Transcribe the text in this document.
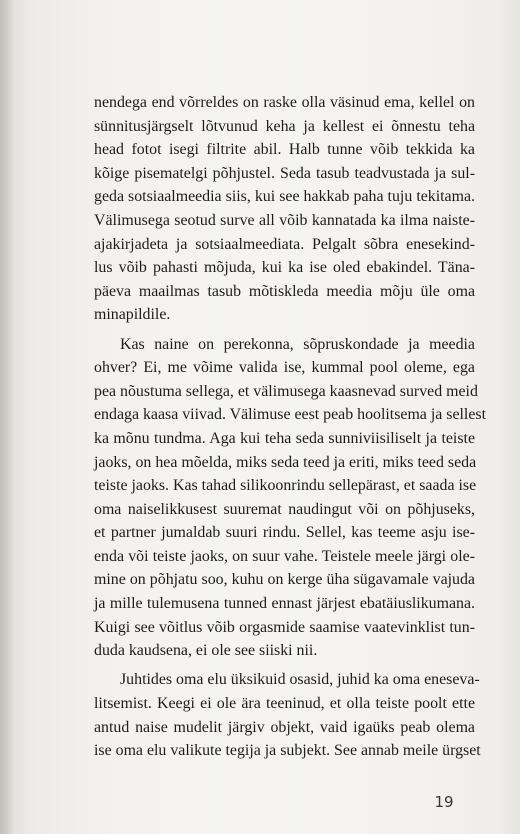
nendega end võrreldes on raske olla väsinud ema, kellel on
sünnitusjärgselt lõtvunud keha ja kellest ei õnnestu teha
head fotot isegi filtrite abil. Halb tunne võib tekkida ka
kõige pisematelgi põhjustel. Seda tasub teadvustada ja sul-
geda sotsiaalmeedia siis, kui see hakkab paha tuju tekitama.
Välimusega seotud surve all võib kannatada ka ilma naiste-
ajakirjadeta ja sotsiaalmeediata. Pelgalt sõbra enesekind-
lus võib pahasti mõjuda, kui ka ise oled ebakindel. Täna-
päeva maailmas tasub mõtiskleda meedia mõju üle oma
minapildile.
Kas naine on perekonna, sõpruskondade ja meedia
ohver? Ei, me võime valida ise, kummal pool oleme, ega
pea nõustuma sellega, et välimusega kaasnevad surved meid
endaga kaasa viivad. Välimuse eest peab hoolitsema ja sellest
ka mõnu tundma. Aga kui teha seda sunniviisiliselt ja teiste
jaoks, on hea mõelda, miks seda teed ja eriti, miks teed seda
teiste jaoks. Kas tahad silikoonrindu sellepärast, et saada ise
oma naiselikkusest suuremat naudingut või on põhjuseks,
et partner jumaldab suuri rindu. Sellel, kas teeme asju ise-
enda või teiste jaoks, on suur vahe. Teistele meele järgi ole-
mine on põhjatu soo, kuhu on kerge üha sügavamale vajuda
ja mille tulemusena tunned ennast järjest ebatäiuslikumana.
Kuigi see võitlus võib orgasmide saamise vaatevinklist tun-
duda kaudsena, ei ole see siiski nii.
Juhtides oma elu üksikuid osasid, juhid ka oma eneseva-
litsemist. Keegi ei ole ära teeninud, et olla teiste poolt ette
antud naise mudelit järgiv objekt, vaid igaüks peab olema
ise oma elu valikute tegija ja subjekt. See annab meile ürgset
19
